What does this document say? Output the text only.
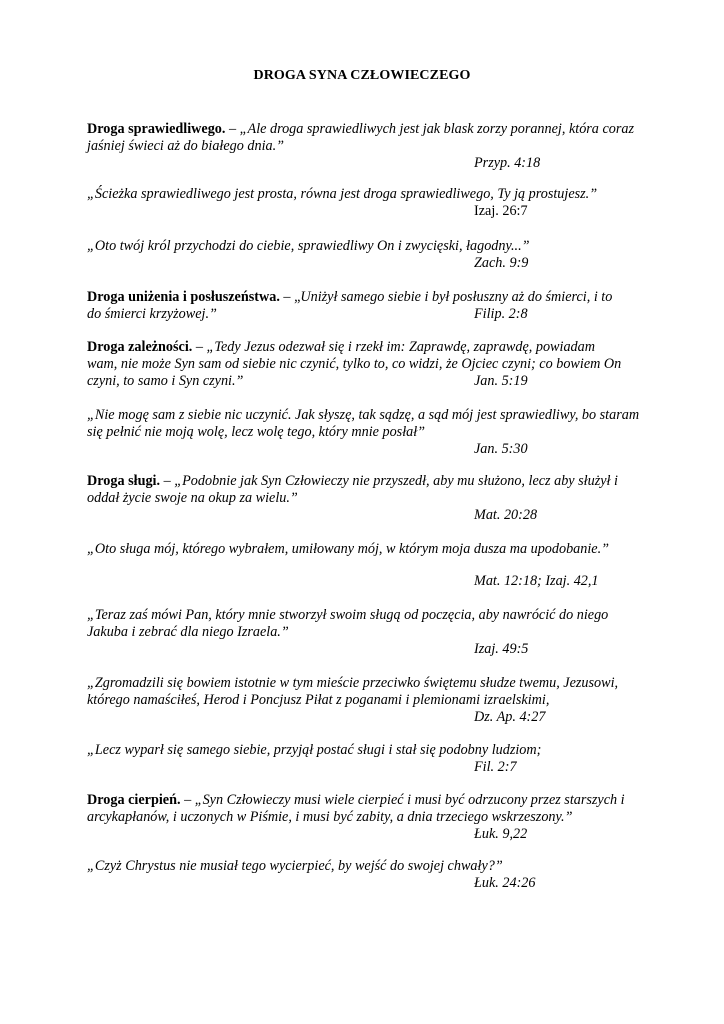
DROGA SYNA CZŁOWIECZEGO

Droga sprawiedliwego. – „Ale droga sprawiedliwych jest jak blask zorzy porannej, która coraz jaśniej świeci aż do białego dnia.”

Przyp. 4:18

„Ścieżka sprawiedliwego jest prosta, równa jest droga sprawiedliwego, Ty ją prostujesz.”

Izaj. 26:7

„Oto twój król przychodzi do ciebie, sprawiedliwy On i zwycięski, łagodny...”

Zach. 9:9

Droga uniżenia i posłuszeństwa. – „Uniżył samego siebie i był posłuszny aż do śmierci, i to

do śmierci krzyżowej.”	Filip. 2:8

Droga zależności. – „Tedy Jezus odezwał się i rzekł im: Zaprawdę, zaprawdę, powiadam

wam, nie może Syn sam od siebie nic czynić, tylko to, co widzi, że Ojciec czyni; co bowiem On

czyni, to samo i Syn czyni.”	Jan. 5:19

„Nie mogę sam z siebie nic uczynić. Jak słyszę, tak sądzę, a sąd mój jest sprawiedliwy, bo staram się pełnić nie moją wolę, lecz wolę tego, który mnie posłał”

Jan. 5:30

Droga sługi. – „Podobnie jak Syn Człowieczy nie przyszedł, aby mu służono, lecz aby służył i oddał życie swoje na okup za wielu.”

Mat. 20:28

„Oto sługa mój, którego wybrałem, umiłowany mój, w którym moja dusza ma upodobanie.”

Mat. 12:18; Izaj. 42,1

„Teraz zaś mówi Pan, który mnie stworzył swoim sługą od poczęcia, aby nawrócić do niego Jakuba i zebrać dla niego Izraela.”

Izaj. 49:5

„Zgromadzili się bowiem istotnie w tym mieście przeciwko świętemu słudze twemu, Jezusowi, którego namaściłeś, Herod i Poncjusz Piłat z poganami i plemionami izraelskimi,

Dz. Ap. 4:27

„Lecz wyparł się samego siebie, przyjął postać sługi i stał się podobny ludziom;

Fil. 2:7

Droga cierpień. – „Syn Człowieczy musi wiele cierpieć i musi być odrzucony przez starszych i arcykapłanów, i uczonych w Piśmie, i musi być zabity, a dnia trzeciego wskrzeszony.”

Łuk. 9,22

„Czyż Chrystus nie musiał tego wycierpieć, by wejść do swojej chwały?”

Łuk. 24:26
